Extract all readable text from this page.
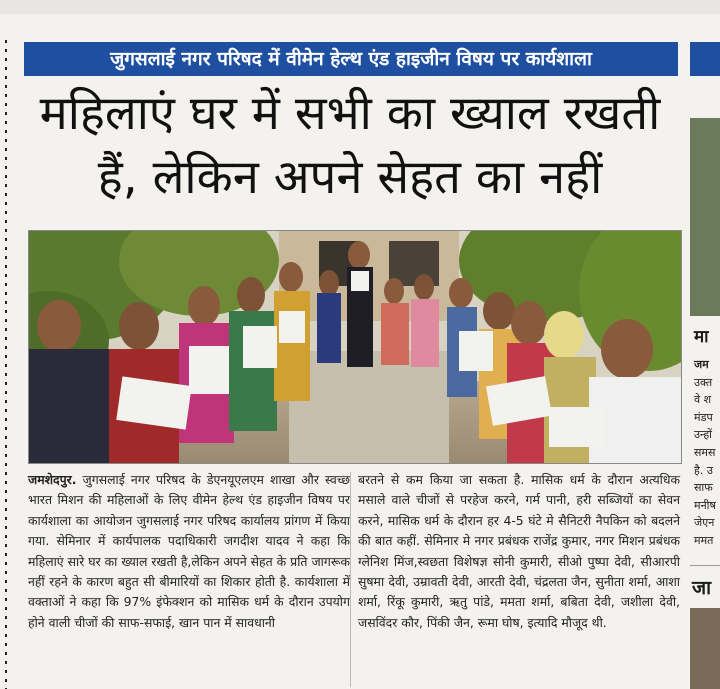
जुगसलाई नगर परिषद में वीमेन हेल्थ एंड हाइजीन विषय पर कार्यशाला
महिलाएं घर में सभी का ख्याल रखती
हैं, लेकिन अपने सेहत का नहीं
जमशेदपुर. जुगसलाई नगर परिषद के डेएनयूएलएम शाखा और स्वच्छ भारत मिशन की महिलाओं के लिए वीमेन हेल्थ एंड हाइजीन विषय पर कार्यशाला का आयोजन जुगसलाई नगर परिषद कार्यालय प्रांगण में किया गया. सेमिनार में कार्यपालक पदाधिकारी जगदीश यादव ने कहा कि महिलाएं सारे घर का ख्याल रखती है,लेकिन अपने सेहत के प्रति जागरूक नहीं रहने के कारण बहुत सी बीमारियों का शिकार होती है. कार्यशाला में वक्ताओं ने कहा कि 97% इंफेक्शन को मासिक धर्म के दौरान उपयोग होने वाली चीजों की साफ-सफाई, खान पान में सावधानी
बरतने से कम किया जा सकता है. मासिक धर्म के दौरान अत्यधिक मसाले वाले चीजों से परहेज करने, गर्म पानी, हरी सब्जियों का सेवन करने, मासिक धर्म के दौरान हर 4-5 घंटे मे सैनिटरी नैपकिन को बदलने की बात कहीं. सेमिनार मे नगर प्रबंधक राजेंद्र कुमार, नगर मिशन प्रबंधक ग्लेनिश मिंज,स्वछता विशेषज्ञ सोनी कुमारी, सीओ पुष्पा देवी, सीआरपी सुषमा देवी, उम्रावती देवी, आरती देवी, चंद्रलता जैन, सुनीता शर्मा, आशा शर्मा, रिंकू कुमारी, ऋतु पांडे, ममता शर्मा, बबिता देवी, जशीला देवी, जसविंदर कौर, पिंकी जैन, रूमा घोष, इत्यादि मौजूद थी.
मा
जम
उक्त
वे श
मंडप
उन्हों
समस
है. उ
साफ
मनीष
जेएन
ममत
जा
